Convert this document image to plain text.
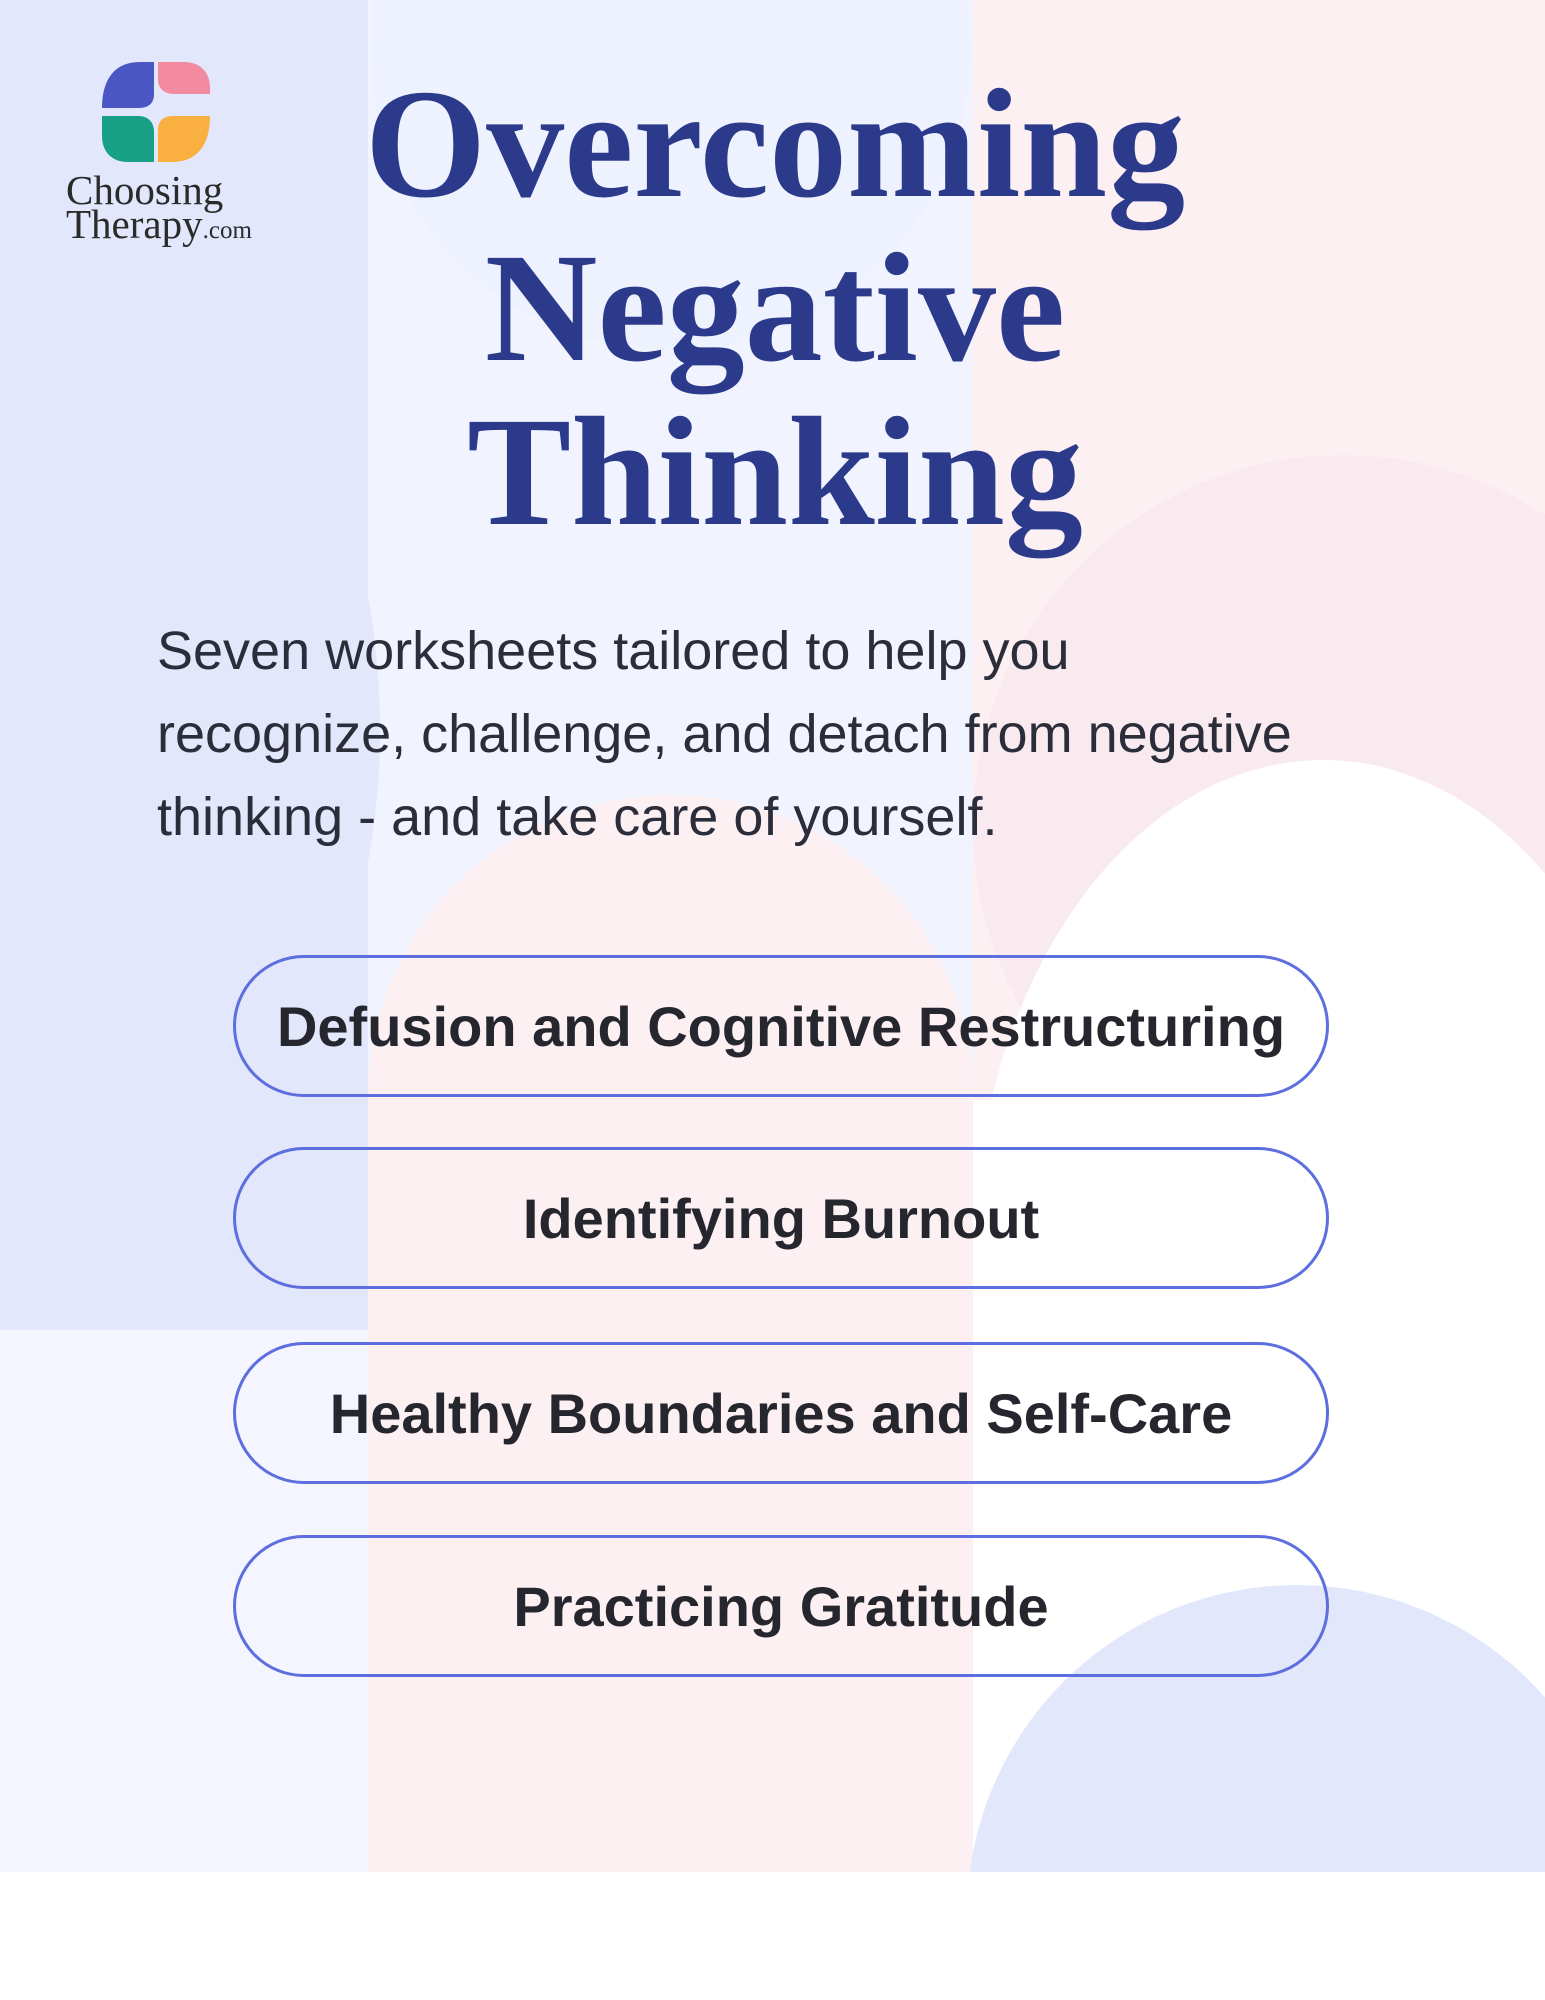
Choosing
Therapy.com
Overcoming
Negative
Thinking

Seven worksheets tailored to help you
recognize, challenge, and detach from negative
thinking - and take care of yourself.

Defusion and Cognitive Restructuring
Identifying Burnout
Healthy Boundaries and Self-Care
Practicing Gratitude
